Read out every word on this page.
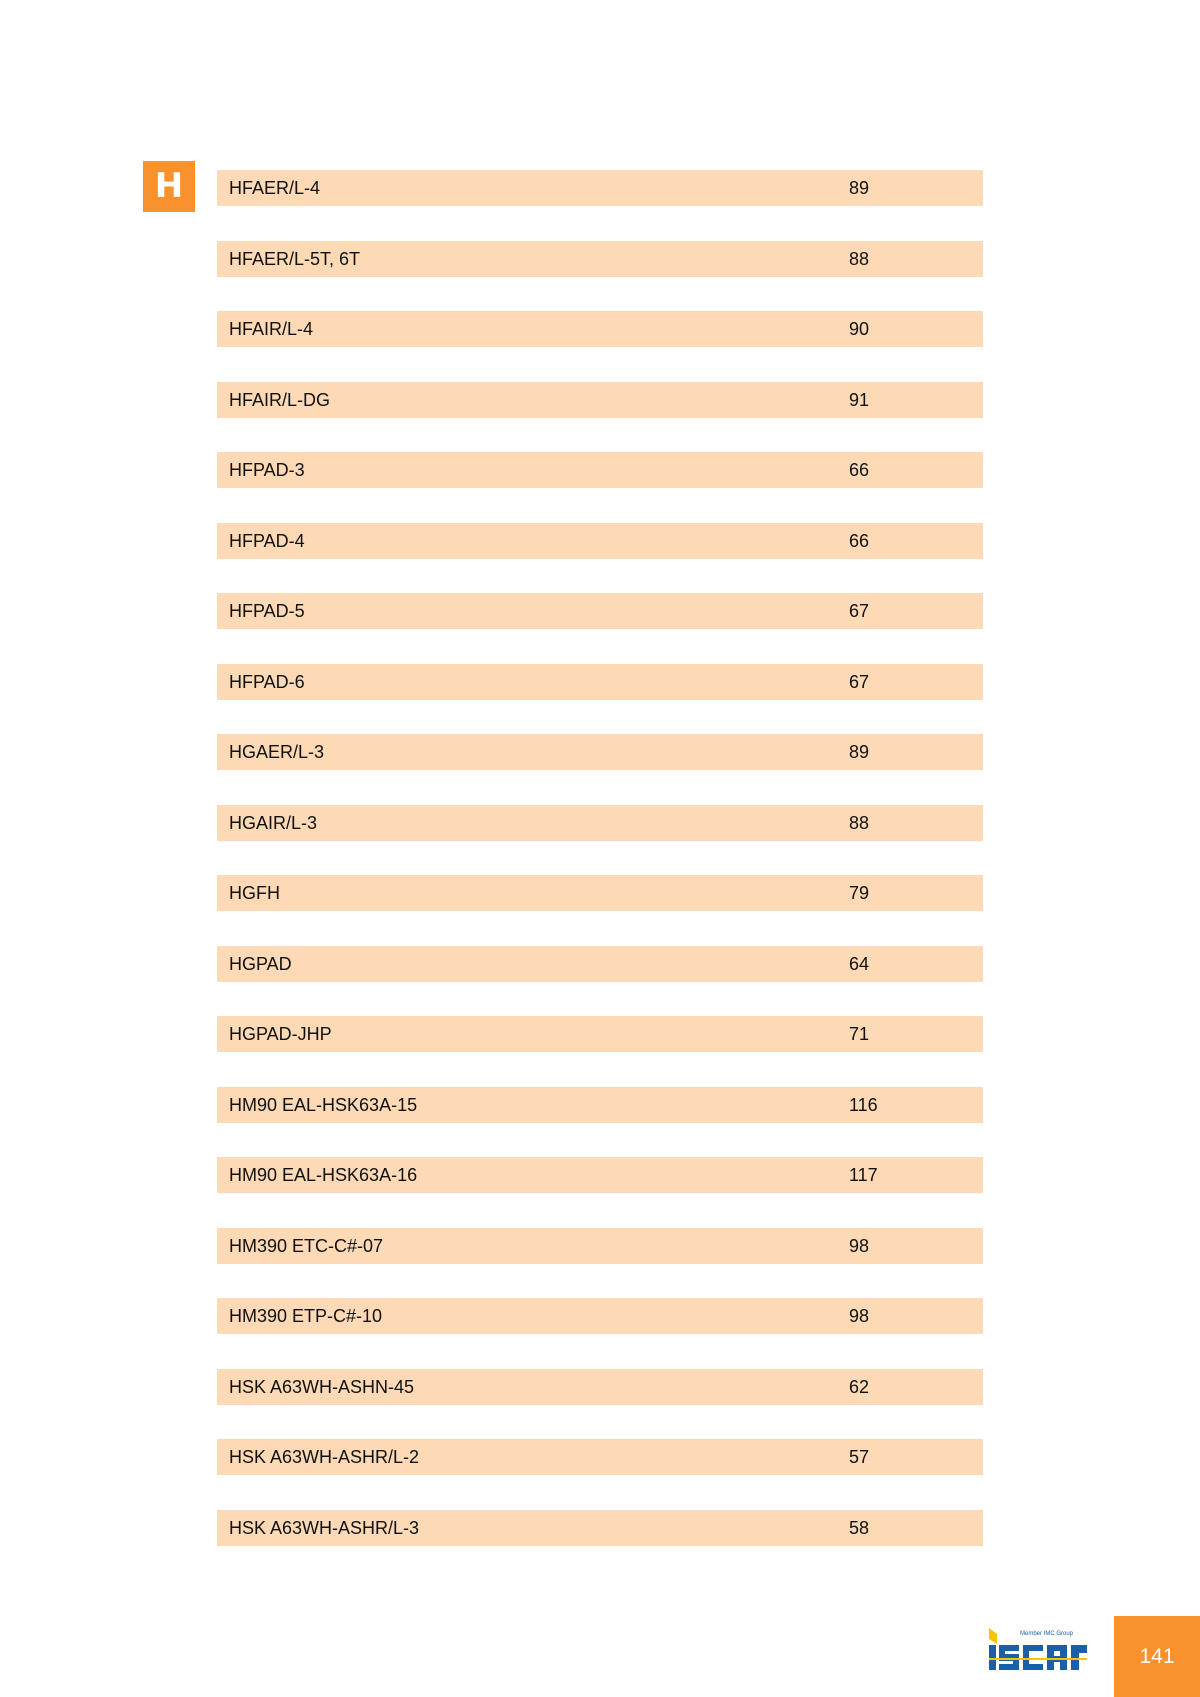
H	HFAER/L-4	89
HFAER/L-5T, 6T	88
HFAIR/L-4	90
HFAIR/L-DG	91
HFPAD-3	66
HFPAD-4	66
HFPAD-5	67
HFPAD-6	67
HGAER/L-3	89
HGAIR/L-3	88
HGFH	79
HGPAD	64
HGPAD-JHP	71
HM90 EAL-HSK63A-15	116
HM90 EAL-HSK63A-16	117
HM390 ETC-C#-07	98
HM390 ETP-C#-10	98
HSK A63WH-ASHN-45	62
HSK A63WH-ASHR/L-2	57
HSK A63WH-ASHR/L-3	58
Member IMC Group
141
